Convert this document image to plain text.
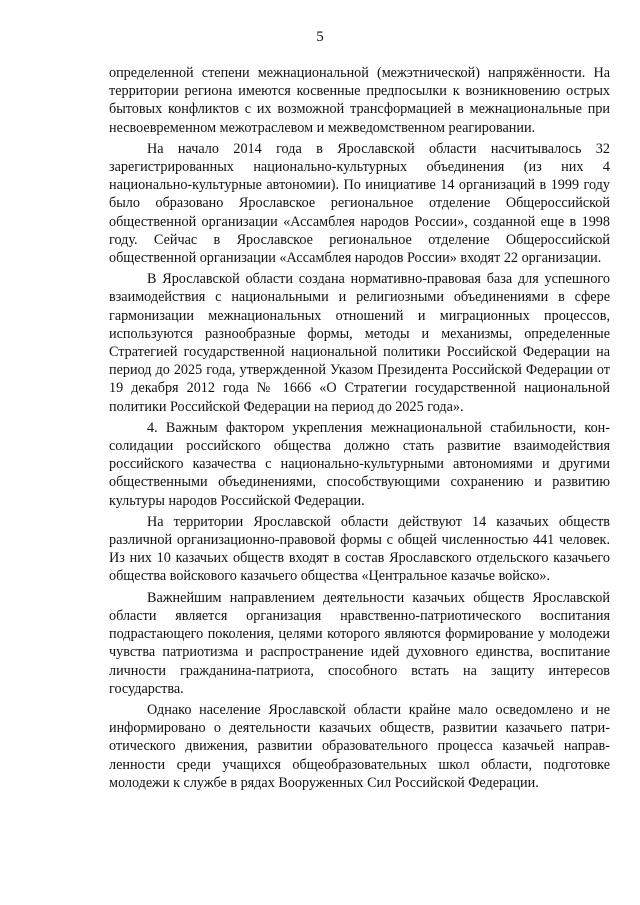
5

определенной степени межнациональной (межэтнической) напряжённости. На территории региона имеются косвенные предпосылки к возникновению острых бытовых конфликтов с их возможной трансформацией в межнациональные при несвоевременном межотраслевом и межведомственном реагировании.

На начало 2014 года в Ярославской области насчитывалось 32 зарегистрированных национально-культурных объединения (из них 4 национально-культурные автономии). По инициативе 14 организаций в 1999 году было образовано Ярославское региональное отделение Общероссийской общественной организации «Ассамблея народов России», созданной еще в 1998 году. Сейчас в Ярославское региональное отделение Общероссийской общественной организации «Ассамблея народов России» входят 22 организации.

В Ярославской области создана нормативно-правовая база для успешного взаимодействия с национальными и религиозными объединениями в сфере гармонизации межнациональных отношений и миграционных процессов, используются разнообразные формы, методы и механизмы, определенные Стратегией государственной национальной политики Российской Федерации на период до 2025 года, утвержденной Указом Президента Российской Федерации от 19 декабря 2012 года № 1666 «О Стратегии государственной национальной политики Российской Федерации на период до 2025 года».

4. Важным фактором укрепления межнациональной стабильности, консолидации российского общества должно стать развитие взаимодействия российского казачества с национально-культурными автономиями и другими общественными объединениями, способствующими сохранению и развитию культуры народов Российской Федерации.

На территории Ярославской области действуют 14 казачьих обществ различной организационно-правовой формы с общей численностью 441 человек. Из них 10 казачьих обществ входят в состав Ярославского отдельского казачьего общества войскового казачьего общества «Центральное казачье войско».

Важнейшим направлением деятельности казачьих обществ Ярославской области является организация нравственно-патриотического воспитания подрастающего поколения, целями которого являются формирование у молодежи чувства патриотизма и распространение идей духовного единства, воспитание личности гражданина-патриота, способного встать на защиту интересов государства.

Однако население Ярославской области крайне мало осведомлено и не информировано о деятельности казачьих обществ, развитии казачьего патриотического движения, развитии образовательного процесса казачьей направленности среди учащихся общеобразовательных школ области, подготовке молодежи к службе в рядах Вооруженных Сил Российской Федерации.
